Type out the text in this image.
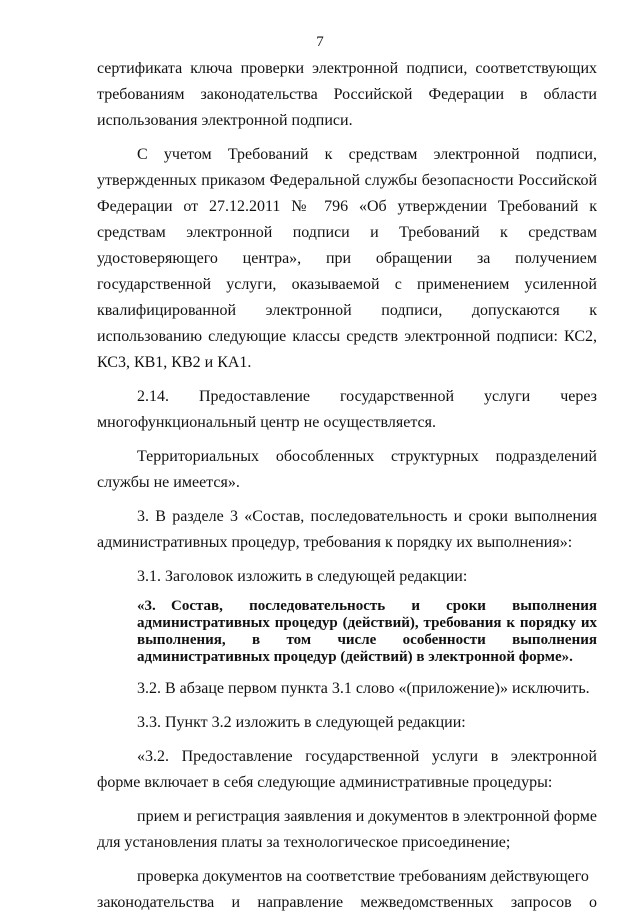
7

сертификата ключа проверки электронной подписи, соответствующих требованиям законодательства Российской Федерации в области использования электронной подписи.

С учетом Требований к средствам электронной подписи, утвержденных приказом Федеральной службы безопасности Российской Федерации от 27.12.2011 № 796 «Об утверждении Требований к средствам электронной подписи и Требований к средствам удостоверяющего центра», при обращении за получением государственной услуги, оказываемой с применением усиленной квалифицированной электронной подписи, допускаются к использованию следующие классы средств электронной подписи: КС2, КС3, КВ1, КВ2 и КА1.

2.14. Предоставление государственной услуги через многофункциональный центр не осуществляется.

Территориальных обособленных структурных подразделений службы не имеется».

3. В разделе 3 «Состав, последовательность и сроки выполнения административных процедур, требования к порядку их выполнения»:

3.1. Заголовок изложить в следующей редакции:

«3. Состав, последовательность и сроки выполнения административных процедур (действий), требования к порядку их выполнения, в том числе особенности выполнения административных процедур (действий) в электронной форме».

3.2. В абзаце первом пункта 3.1 слово «(приложение)» исключить.

3.3. Пункт 3.2 изложить в следующей редакции:

«3.2. Предоставление государственной услуги в электронной форме включает в себя следующие административные процедуры:

прием и регистрация заявления и документов в электронной форме для установления платы за технологическое присоединение;

проверка документов на соответствие требованиям действующего

законодательства и направление межведомственных запросов о
